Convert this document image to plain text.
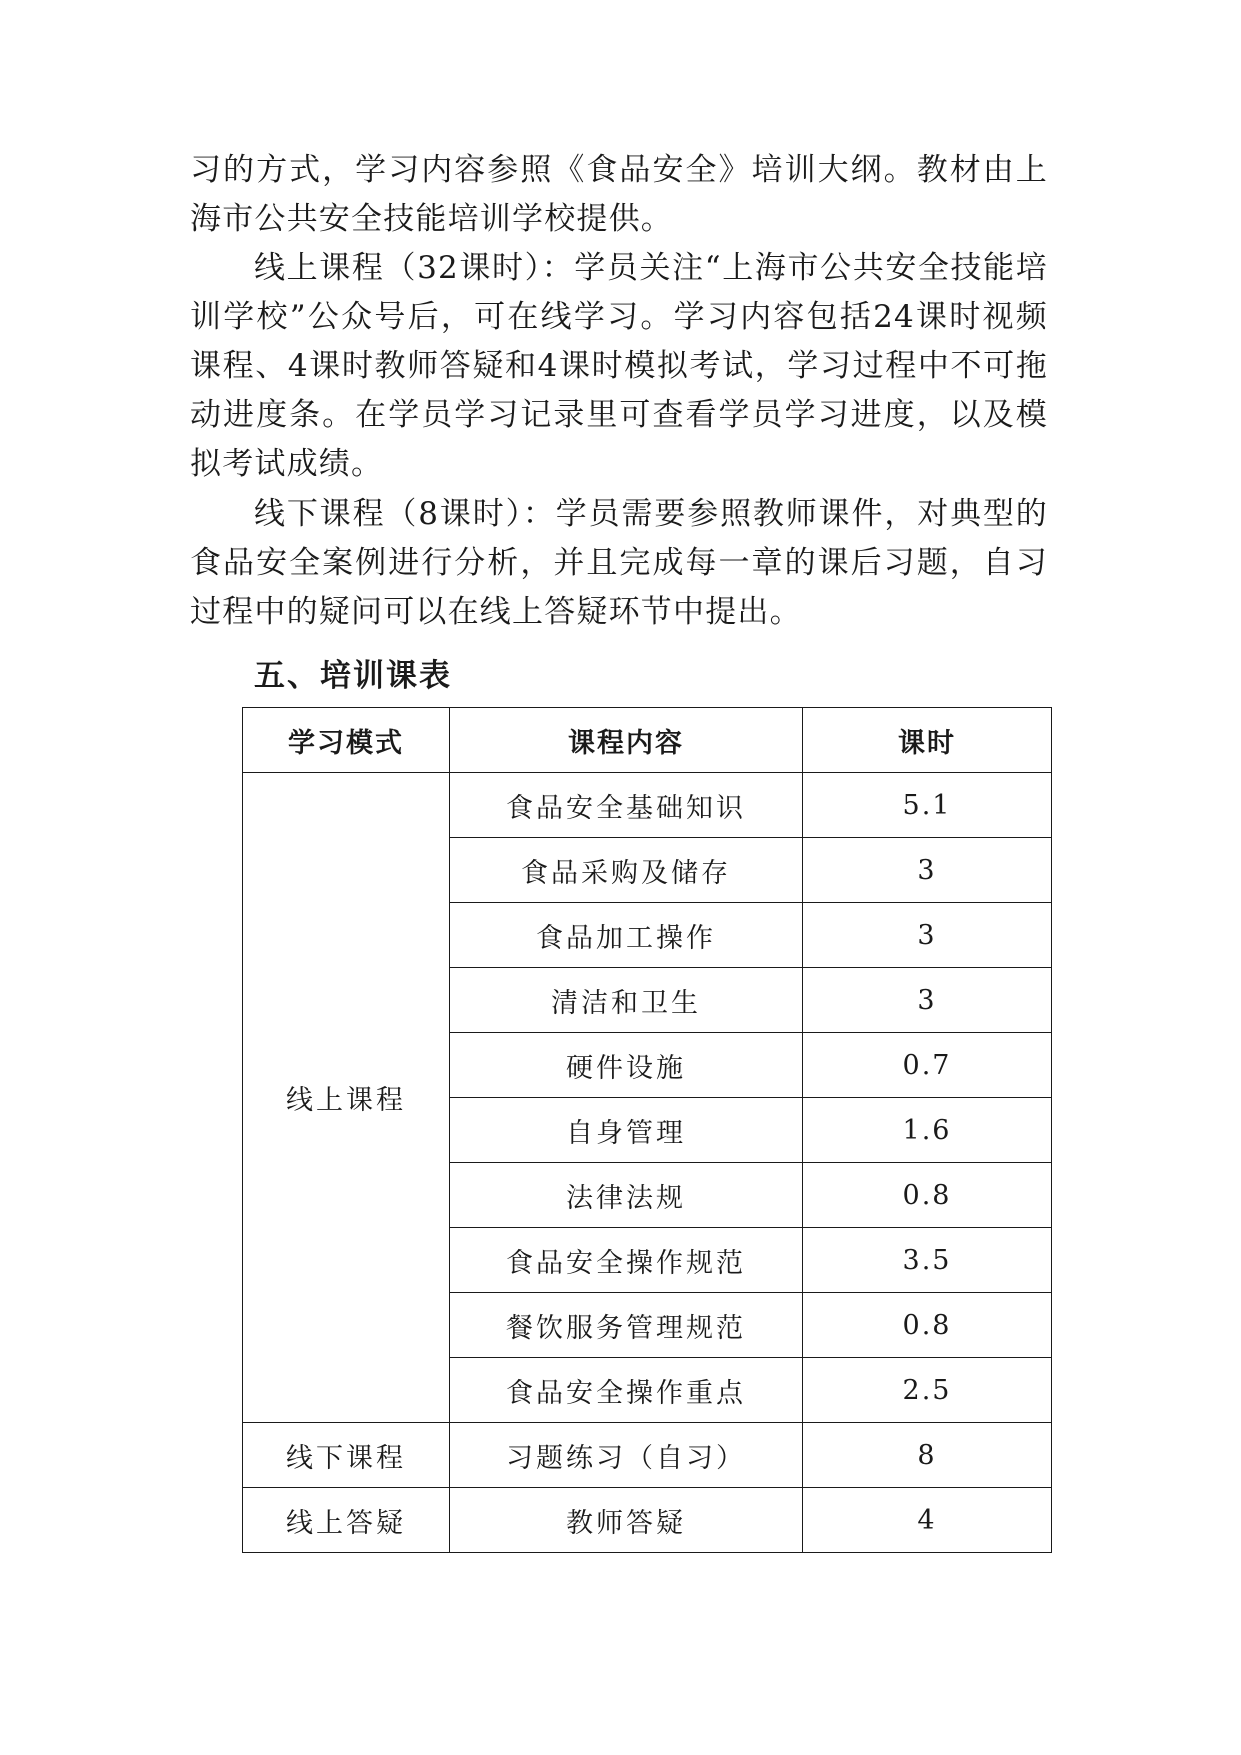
习的方式，学习内容参照《食品安全》培训大纲。教材由上海市公共安全技能培训学校提供。

线上课程（32课时）：学员关注“上海市公共安全技能培训学校”公众号后，可在线学习。学习内容包括24课时视频课程、4课时教师答疑和4课时模拟考试，学习过程中不可拖动进度条。在学员学习记录里可查看学员学习进度，以及模拟考试成绩。

线下课程（8课时）：学员需要参照教师课件，对典型的食品安全案例进行分析，并且完成每一章的课后习题，自习过程中的疑问可以在线上答疑环节中提出。

五、培训课表
学习模式	课程内容	课时
线上课程	食品安全基础知识	5.1
	食品采购及储存	3
	食品加工操作	3
	清洁和卫生	3
	硬件设施	0.7
	自身管理	1.6
	法律法规	0.8
	食品安全操作规范	3.5
	餐饮服务管理规范	0.8
	食品安全操作重点	2.5
线下课程	习题练习（自习）	8
线上答疑	教师答疑	4
